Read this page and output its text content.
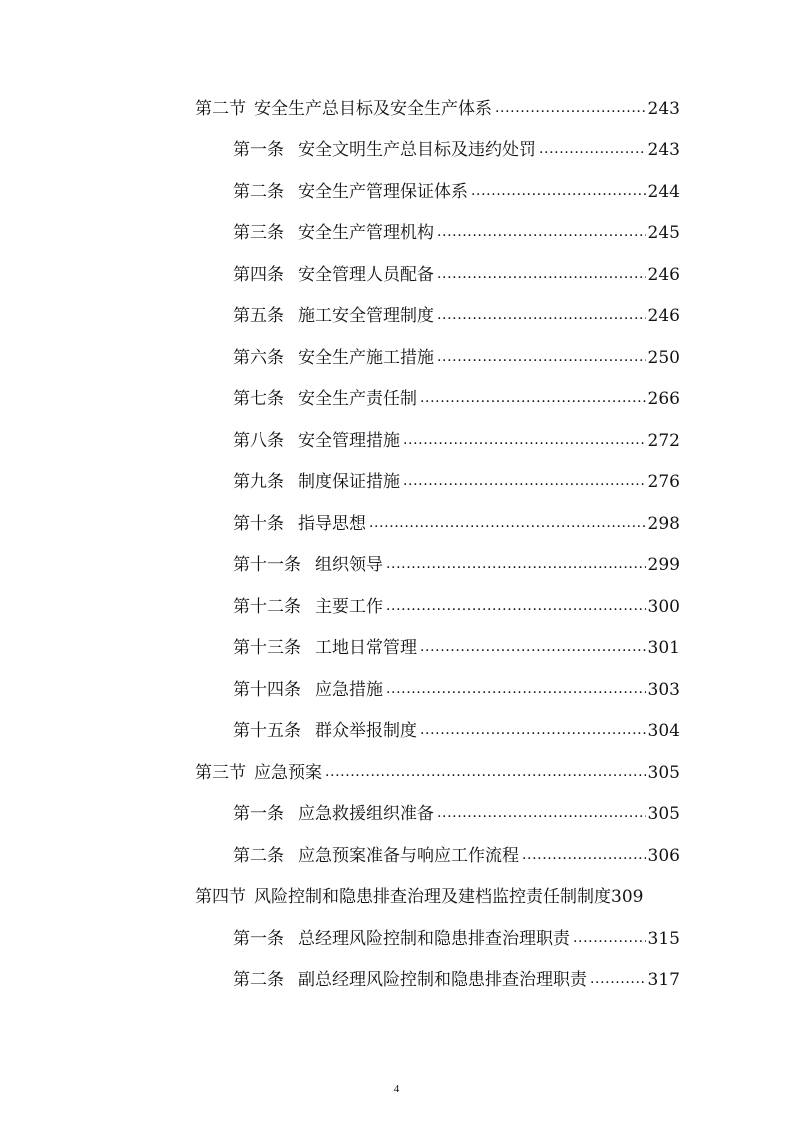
第二节 安全生产总目标及安全生产体系 .....	243
第一条 安全文明生产总目标及违约处罚 .....	243
第二条 安全生产管理保证体系 .....	244
第三条 安全生产管理机构 .....	245
第四条 安全管理人员配备 .....	246
第五条 施工安全管理制度 .....	246
第六条 安全生产施工措施 .....	250
第七条 安全生产责任制 .....	266
第八条 安全管理措施 .....	272
第九条 制度保证措施 .....	276
第十条 指导思想 .....	298
第十一条 组织领导 .....	299
第十二条 主要工作 .....	300
第十三条 工地日常管理 .....	301
第十四条 应急措施 .....	303
第十五条 群众举报制度 .....	304
第三节 应急预案 .....	305
第一条 应急救援组织准备 .....	305
第二条 应急预案准备与响应工作流程 .....	306
第四节 风险控制和隐患排查治理及建档监控责任制制度 309
第一条 总经理风险控制和隐患排查治理职责 .....	315
第二条 副总经理风险控制和隐患排查治理职责 .....	317
4
